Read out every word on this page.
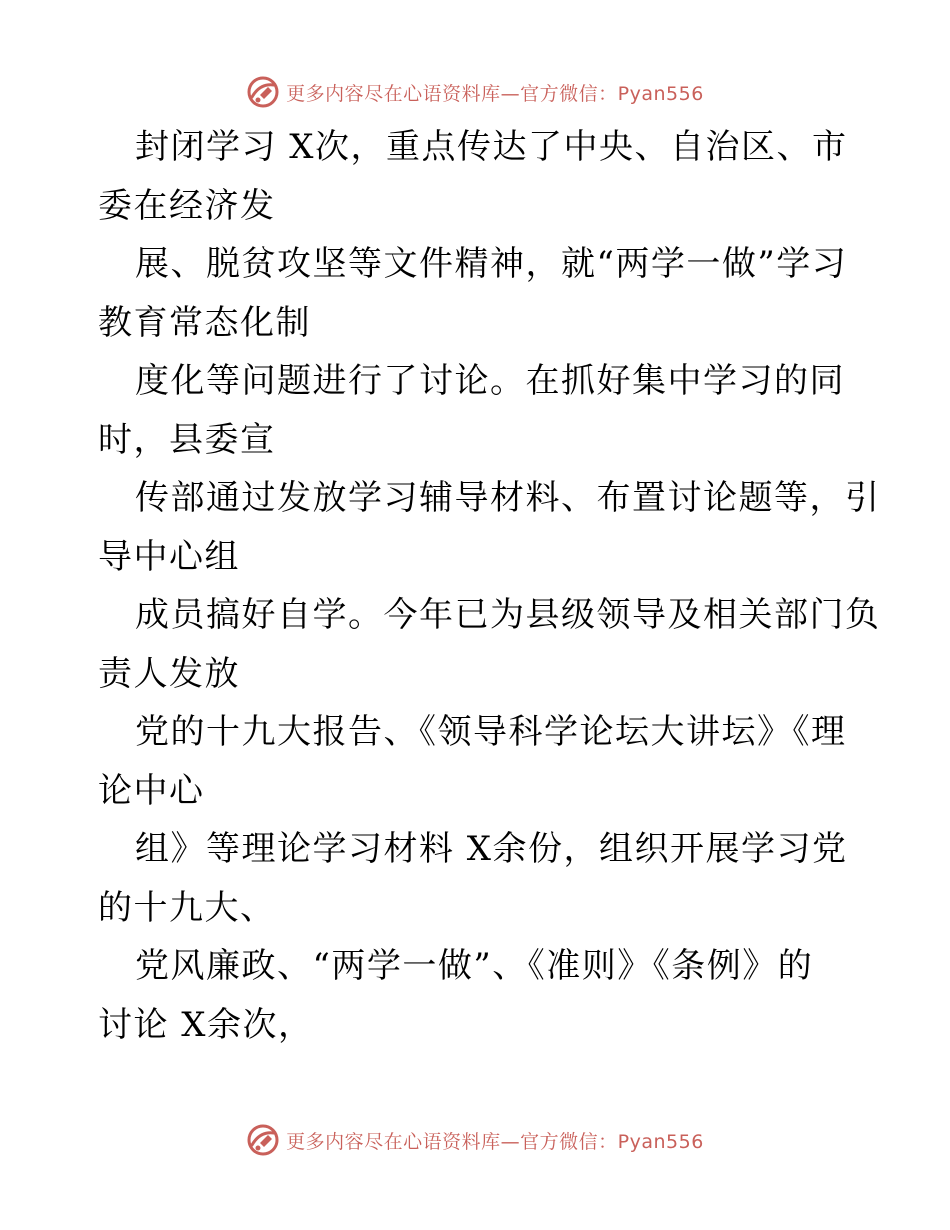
更多内容尽在心语资料库—官方微信：Pyan556
封闭学习 X次，重点传达了中央、自治区、市
委在经济发
展、脱贫攻坚等文件精神，就“两学一做”学习
教育常态化制
度化等问题进行了讨论。在抓好集中学习的同
时，县委宣
传部通过发放学习辅导材料、布置讨论题等，引
导中心组
成员搞好自学。今年已为县级领导及相关部门负
责人发放
党的十九大报告、《领导科学论坛大讲坛》《理
论中心
组》等理论学习材料 X余份，组织开展学习党
的十九大、
党风廉政、“两学一做”、《准则》《条例》的
讨论 X余次，
更多内容尽在心语资料库—官方微信：Pyan556
